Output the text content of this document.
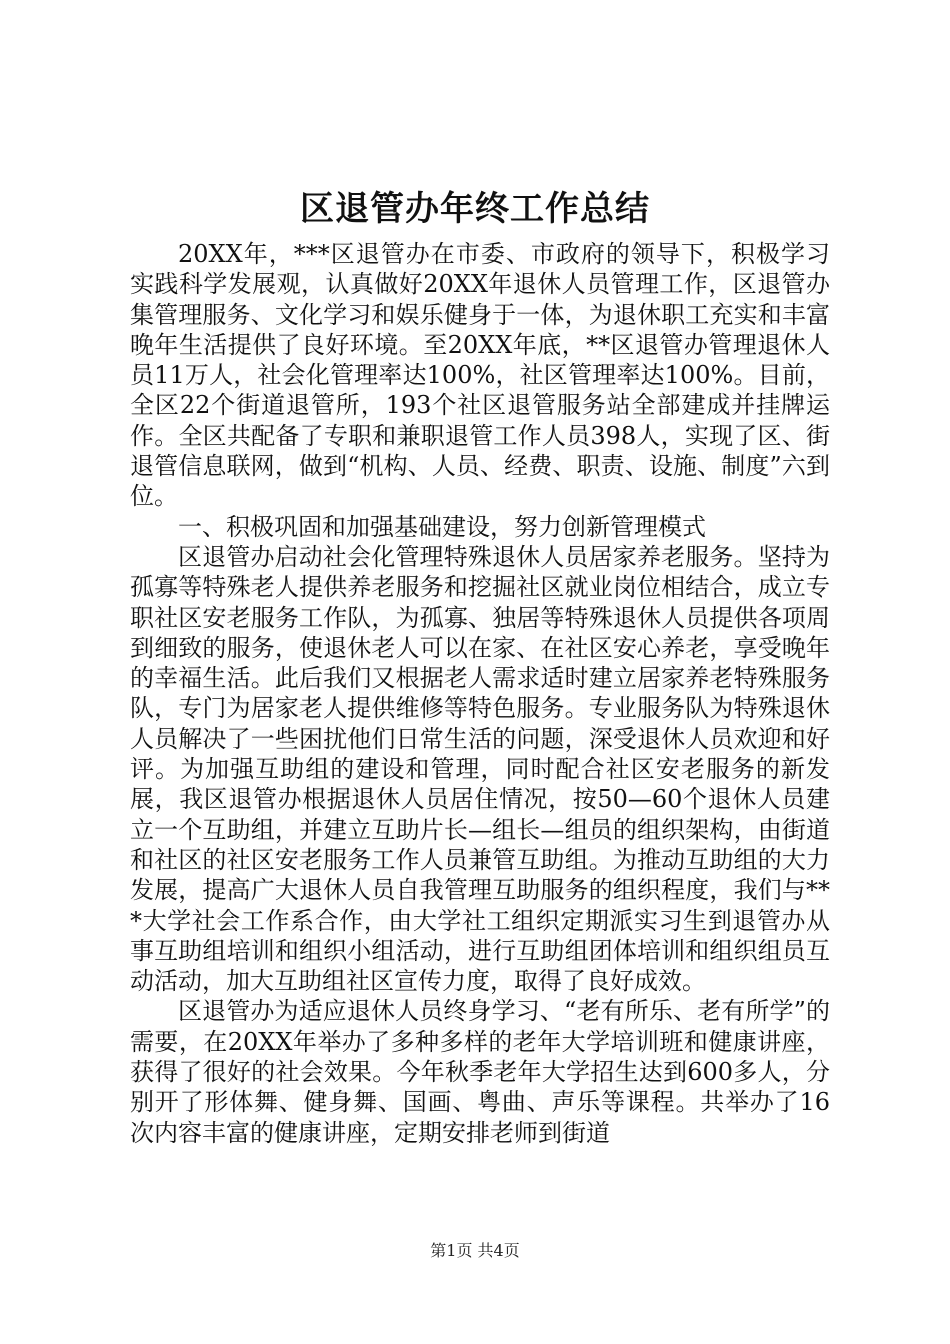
区退管办年终工作总结

20XX年，***区退管办在市委、市政府的领导下，积极学习实践科学发展观，认真做好20XX年退休人员管理工作，区退管办集管理服务、文化学习和娱乐健身于一体，为退休职工充实和丰富晚年生活提供了良好环境。至20XX年底，**区退管办管理退休人员11万人，社会化管理率达100%，社区管理率达100%。目前，全区22个街道退管所，193个社区退管服务站全部建成并挂牌运作。全区共配备了专职和兼职退管工作人员398人，实现了区、街退管信息联网，做到“机构、人员、经费、职责、设施、制度”六到位。

一、积极巩固和加强基础建设，努力创新管理模式

区退管办启动社会化管理特殊退休人员居家养老服务。坚持为孤寡等特殊老人提供养老服务和挖掘社区就业岗位相结合，成立专职社区安老服务工作队，为孤寡、独居等特殊退休人员提供各项周到细致的服务，使退休老人可以在家、在社区安心养老，享受晚年的幸福生活。此后我们又根据老人需求适时建立居家养老特殊服务队，专门为居家老人提供维修等特色服务。专业服务队为特殊退休人员解决了一些困扰他们日常生活的问题，深受退休人员欢迎和好评。为加强互助组的建设和管理，同时配合社区安老服务的新发展，我区退管办根据退休人员居住情况，按50—60个退休人员建立一个互助组，并建立互助片长—组长—组员的组织架构，由街道和社区的社区安老服务工作人员兼管互助组。为推动互助组的大力发展，提高广大退休人员自我管理互助服务的组织程度，我们与***大学社会工作系合作，由大学社工组织定期派实习生到退管办从事互助组培训和组织小组活动，进行互助组团体培训和组织组员互动活动，加大互助组社区宣传力度，取得了良好成效。

区退管办为适应退休人员终身学习、“老有所乐、老有所学”的需要，在20XX年举办了多种多样的老年大学培训班和健康讲座，获得了很好的社会效果。今年秋季老年大学招生达到600多人，分别开了形体舞、健身舞、国画、粤曲、声乐等课程。共举办了16次内容丰富的健康讲座，定期安排老师到街道

第1页 共4页
